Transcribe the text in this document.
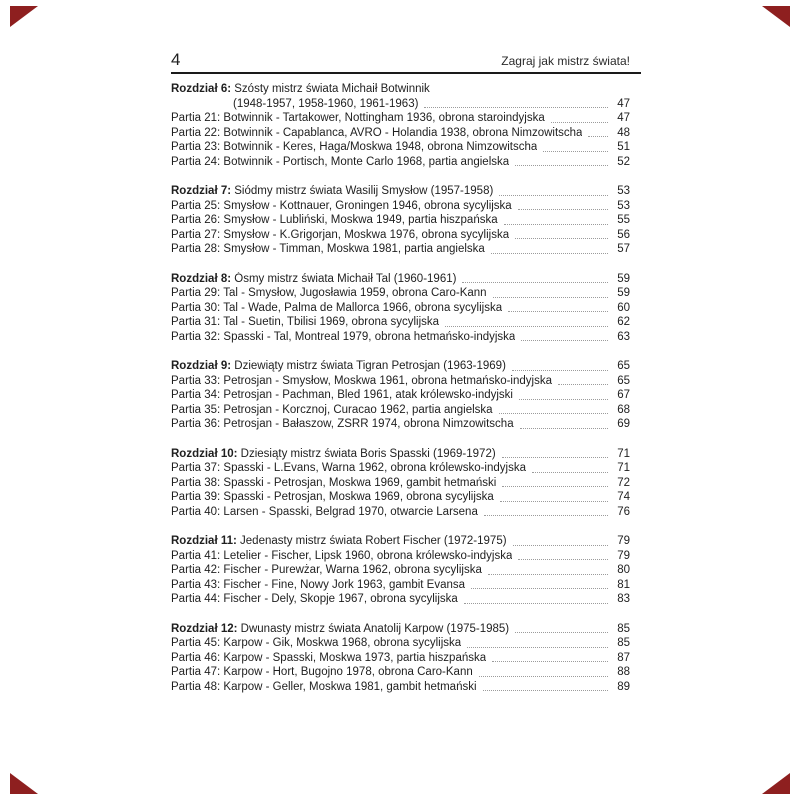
4	Zagraj jak mistrz świata!
Rozdział 6: Szósty mistrz świata Michaił Botwinnik
(1948-1957, 1958-1960, 1961-1963)	47
Partia 21: Botwinnik - Tartakower, Nottingham 1936, obrona staroindyjska	47
Partia 22: Botwinnik - Capablanca, AVRO - Holandia 1938, obrona Nimzowitscha	48
Partia 23: Botwinnik - Keres, Haga/Moskwa 1948, obrona Nimzowitscha	51
Partia 24: Botwinnik - Portisch, Monte Carlo 1968, partia angielska	52
Rozdział 7: Siódmy mistrz świata Wasilij Smysłow (1957-1958)	53
Partia 25: Smysłow - Kottnauer, Groningen 1946, obrona sycylijska	53
Partia 26: Smysłow - Lubliński, Moskwa 1949, partia hiszpańska	55
Partia 27: Smysłow - K.Grigorjan, Moskwa 1976, obrona sycylijska	56
Partia 28: Smysłow - Timman, Moskwa 1981, partia angielska	57
Rozdział 8: Ósmy mistrz świata Michaił Tal (1960-1961)	59
Partia 29: Tal - Smysłow, Jugosławia 1959, obrona Caro-Kann	59
Partia 30: Tal - Wade, Palma de Mallorca 1966, obrona sycylijska	60
Partia 31: Tal - Suetin, Tbilisi 1969, obrona sycylijska	62
Partia 32: Spasski - Tal, Montreal 1979, obrona hetmańsko-indyjska	63
Rozdział 9: Dziewiąty mistrz świata Tigran Petrosjan (1963-1969)	65
Partia 33: Petrosjan - Smysłow, Moskwa 1961, obrona hetmańsko-indyjska	65
Partia 34: Petrosjan - Pachman, Bled 1961, atak królewsko-indyjski	67
Partia 35: Petrosjan - Korcznoj, Curacao 1962, partia angielska	68
Partia 36: Petrosjan - Bałaszow, ZSRR 1974, obrona Nimzowitscha	69
Rozdział 10: Dziesiąty mistrz świata Boris Spasski (1969-1972)	71
Partia 37: Spasski - L.Evans, Warna 1962, obrona królewsko-indyjska	71
Partia 38: Spasski - Petrosjan, Moskwa 1969, gambit hetmański	72
Partia 39: Spasski - Petrosjan, Moskwa 1969, obrona sycylijska	74
Partia 40: Larsen - Spasski, Belgrad 1970, otwarcie Larsena	76
Rozdział 11: Jedenasty mistrz świata Robert Fischer (1972-1975)	79
Partia 41: Letelier - Fischer, Lipsk 1960, obrona królewsko-indyjska	79
Partia 42: Fischer - Purewżar, Warna 1962, obrona sycylijska	80
Partia 43: Fischer - Fine, Nowy Jork 1963, gambit Evansa	81
Partia 44: Fischer - Dely, Skopje 1967, obrona sycylijska	83
Rozdział 12: Dwunasty mistrz świata Anatolij Karpow (1975-1985)	85
Partia 45: Karpow - Gik, Moskwa 1968, obrona sycylijska	85
Partia 46: Karpow - Spasski, Moskwa 1973, partia hiszpańska	87
Partia 47: Karpow - Hort, Bugojno 1978, obrona Caro-Kann	88
Partia 48: Karpow - Geller, Moskwa 1981, gambit hetmański	89
